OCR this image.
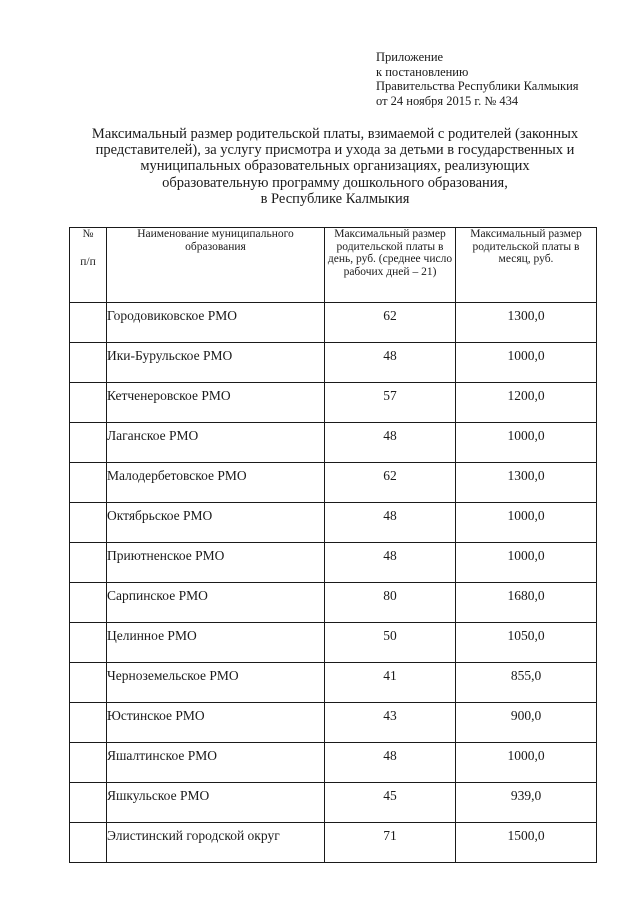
Приложение
к постановлению
Правительства Республики Калмыкия
от 24 ноября 2015 г. № 434
Максимальный размер родительской платы, взимаемой с родителей (законных
представителей), за услугу присмотра и ухода за детьми в государственных и
муниципальных образовательных организациях, реализующих
образовательную программу дошкольного образования,
в Республике Калмыкия
№
п/п	Наименование муниципального образования	Максимальный размер родительской платы в день, руб. (среднее число рабочих дней – 21)	Максимальный размер родительской платы в месяц, руб.
	Городовиковское РМО	62	1300,0
	Ики-Бурульское РМО	48	1000,0
	Кетченеровское РМО	57	1200,0
	Лаганское РМО	48	1000,0
	Малодербетовское РМО	62	1300,0
	Октябрьское РМО	48	1000,0
	Приютненское РМО	48	1000,0
	Сарпинское РМО	80	1680,0
	Целинное РМО	50	1050,0
	Черноземельское РМО	41	855,0
	Юстинское РМО	43	900,0
	Яшалтинское РМО	48	1000,0
	Яшкульское РМО	45	939,0
	Элистинский городской округ	71	1500,0
